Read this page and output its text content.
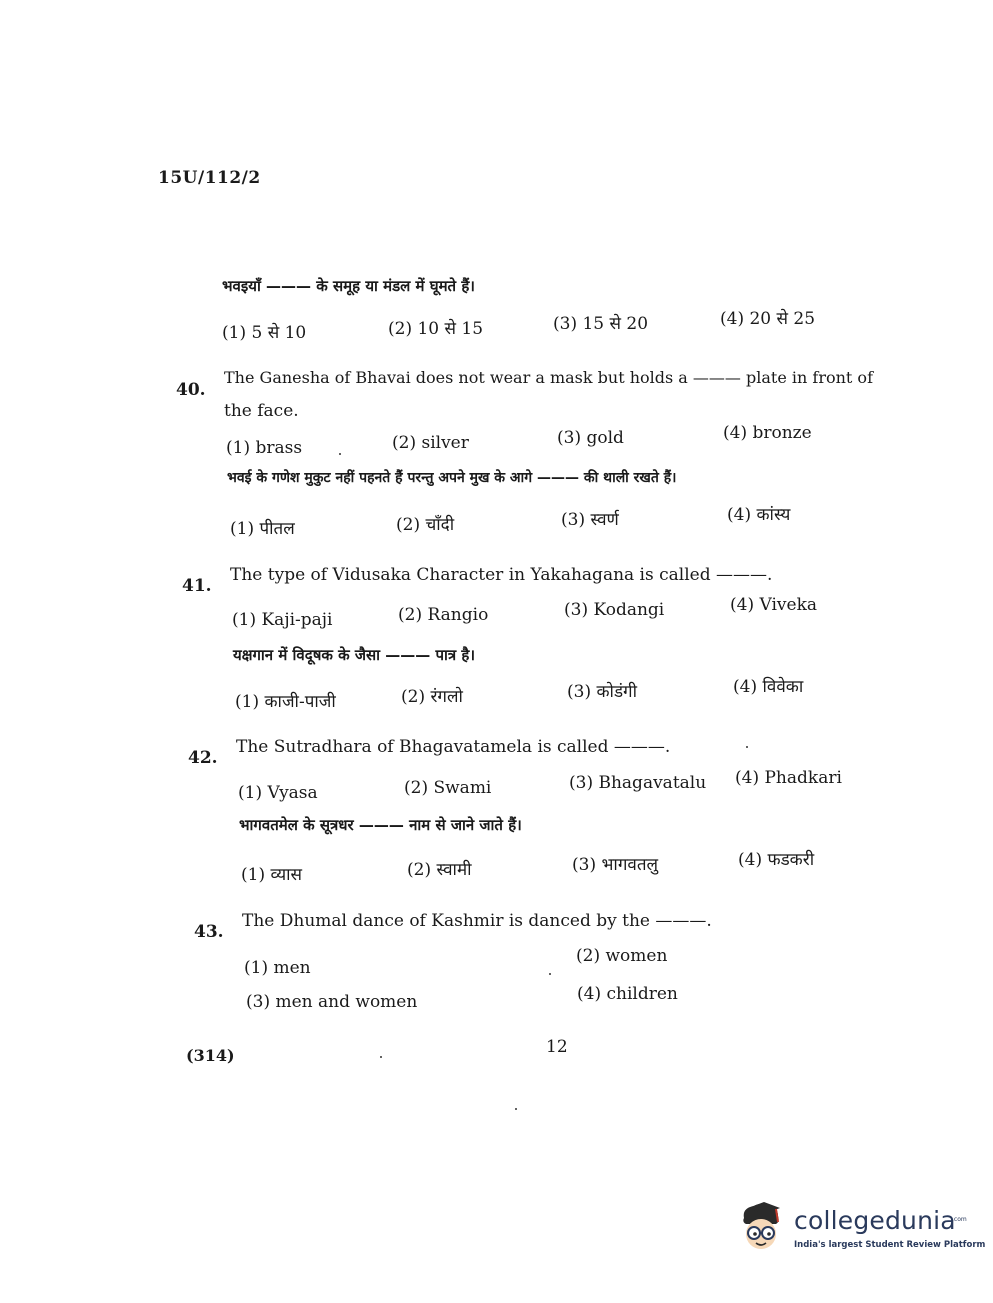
15U/112/2
भवइयाँ ——— के समूह या मंडल में घूमते हैं।
(1) 5 से 10	(2) 10 से 15	(3) 15 से 20	(4) 20 से 25
40.
The Ganesha of Bhavai does not wear a mask but holds a ——— plate in front of
the face.
(1) brass	(2) silver	(3) gold	(4) bronze
भवई के गणेश मुकुट नहीं पहनते हैं परन्तु अपने मुख के आगे ——— की थाली रखते हैं।
(1) पीतल	(2) चाँदी	(3) स्वर्ण	(4) कांस्य
41.
The type of Vidusaka Character in Yakahagana is called ———.
(1) Kaji-paji	(2) Rangio	(3) Kodangi	(4) Viveka
यक्षगान में विदूषक के जैसा ——— पात्र है।
(1) काजी-पाजी	(2) रंगलो	(3) कोडंगी	(4) विवेका
42.
The Sutradhara of Bhagavatamela is called ———.
(1) Vyasa	(2) Swami	(3) Bhagavatalu (4) Phadkari
भागवतमेल के सूत्रधर ——— नाम से जाने जाते हैं।
(1) व्यास	(2) स्वामी	(3) भागवतलु	(4) फडकरी
43.
The Dhumal dance of Kashmir is danced by the ———.
(1) men
(2) women
(3) men and women	(4) children
(314)	12
collegedunia
.com
India's largest Student Review Platform
